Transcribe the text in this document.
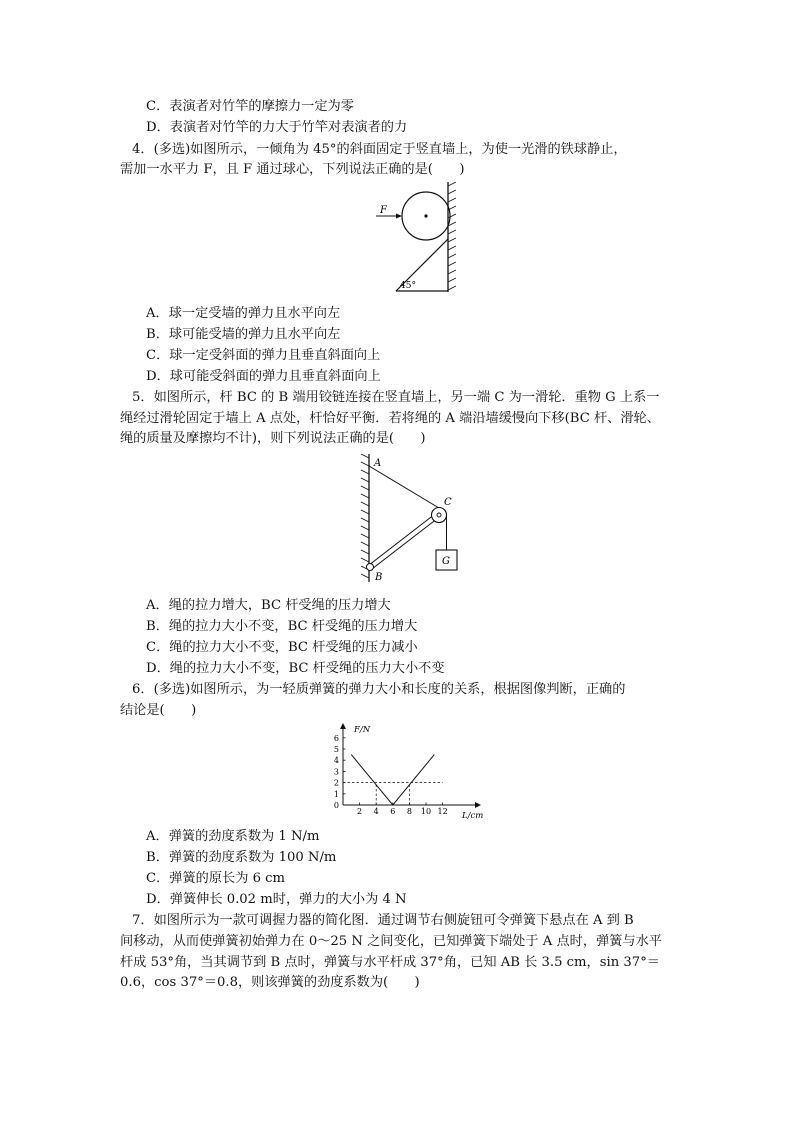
C．表演者对竹竿的摩擦力一定为零
D．表演者对竹竿的力大于竹竿对表演者的力
4．(多选)如图所示，一倾角为 45°的斜面固定于竖直墙上，为使一光滑的铁球静止，
需加一水平力 F，且 F 通过球心，下列说法正确的是(　　)
F
45°
A．球一定受墙的弹力且水平向左
B．球可能受墙的弹力且水平向左
C．球一定受斜面的弹力且垂直斜面向上
D．球可能受斜面的弹力且垂直斜面向上
5．如图所示，杆 BC 的 B 端用铰链连接在竖直墙上，另一端 C 为一滑轮．重物 G 上系一
绳经过滑轮固定于墙上 A 点处，杆恰好平衡．若将绳的 A 端沿墙缓慢向下移(BC 杆、滑轮、
绳的质量及摩擦均不计)，则下列说法正确的是(　　)
G
A
B
C
A．绳的拉力增大，BC 杆受绳的压力增大
B．绳的拉力大小不变，BC 杆受绳的压力增大
C．绳的拉力大小不变，BC 杆受绳的压力减小
D．绳的拉力大小不变，BC 杆受绳的压力大小不变
6．(多选)如图所示，为一轻质弹簧的弹力大小和长度的关系，根据图像判断，正确的
结论是(　　)
F/N
L/cm
2 4 6 8 10 12
0
1
2
3
4
5
6
A．弹簧的劲度系数为 1 N/m
B．弹簧的劲度系数为 100 N/m
C．弹簧的原长为 6 cm
D．弹簧伸长 0.02 m时，弹力的大小为 4 N
7．如图所示为一款可调握力器的简化图．通过调节右侧旋钮可令弹簧下悬点在 A 到 B
间移动，从而使弹簧初始弹力在 0～25 N 之间变化，已知弹簧下端处于 A 点时，弹簧与水平
杆成 53°角，当其调节到 B 点时，弹簧与水平杆成 37°角，已知 AB 长 3.5 cm，sin 37°＝
0.6，cos 37°＝0.8，则该弹簧的劲度系数为(　　)
